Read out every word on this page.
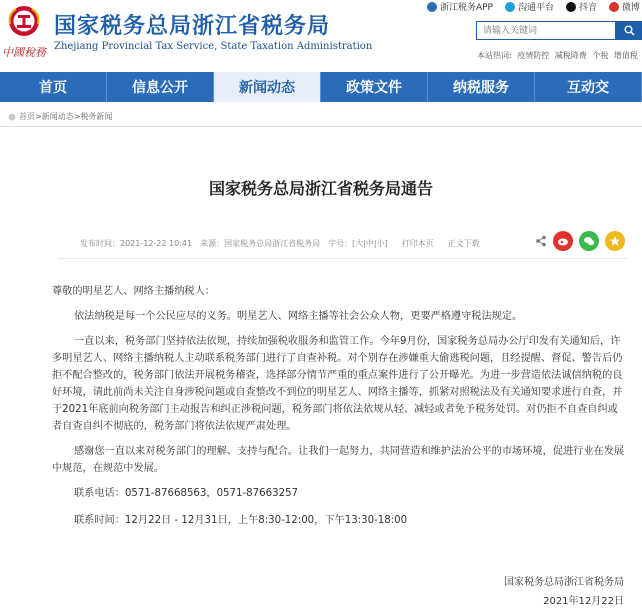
中國稅務
国家税务总局浙江省税务局
Zhejiang Provincial Tax Service, State Taxation Administration
浙江税务APP	沟通平台	抖音	微博
请输入关键词
本站热词: 疫情防控 减税降费 个税 增值税
首页	信息公开	新闻动态	政策文件	纳税服务	互动交
首页>新闻动态>税务新闻
国家税务总局浙江省税务局通告
发布时间：2021-12-22 10:41 来源：国家税务总局浙江省税务局 字号：[大|中|小] 打印本页 正文下载

尊敬的明星艺人、网络主播纳税人：

依法纳税是每一个公民应尽的义务。明星艺人、网络主播等社会公众人物，更要严格遵守税法规定。

一直以来，税务部门坚持依法依规，持续加强税收服务和监管工作。今年9月份，国家税务总局办公厅印发有关通知后，许多明星艺人、网络主播纳税人主动联系税务部门进行了自查补税。对个别存在涉嫌重大偷逃税问题，且经提醒、督促、警告后仍拒不配合整改的，税务部门依法开展税务稽查，选择部分情节严重的重点案件进行了公开曝光。为进一步营造依法诚信纳税的良好环境，请此前尚未关注自身涉税问题或自查整改不到位的明星艺人、网络主播等，抓紧对照税法及有关通知要求进行自查，并于2021年底前向税务部门主动报告和纠正涉税问题，税务部门将依法依规从轻、减轻或者免予税务处罚。对仍拒不自查自纠或者自查自纠不彻底的，税务部门将依法依规严肃处理。

感谢您一直以来对税务部门的理解、支持与配合。让我们一起努力，共同营造和维护法治公平的市场环境，促进行业在发展中规范，在规范中发展。

联系电话：0571-87668563，0571-87663257

联系时间：12月22日 - 12月31日，上午8:30-12:00，下午13:30-18:00

国家税务总局浙江省税务局
2021年12月22日
